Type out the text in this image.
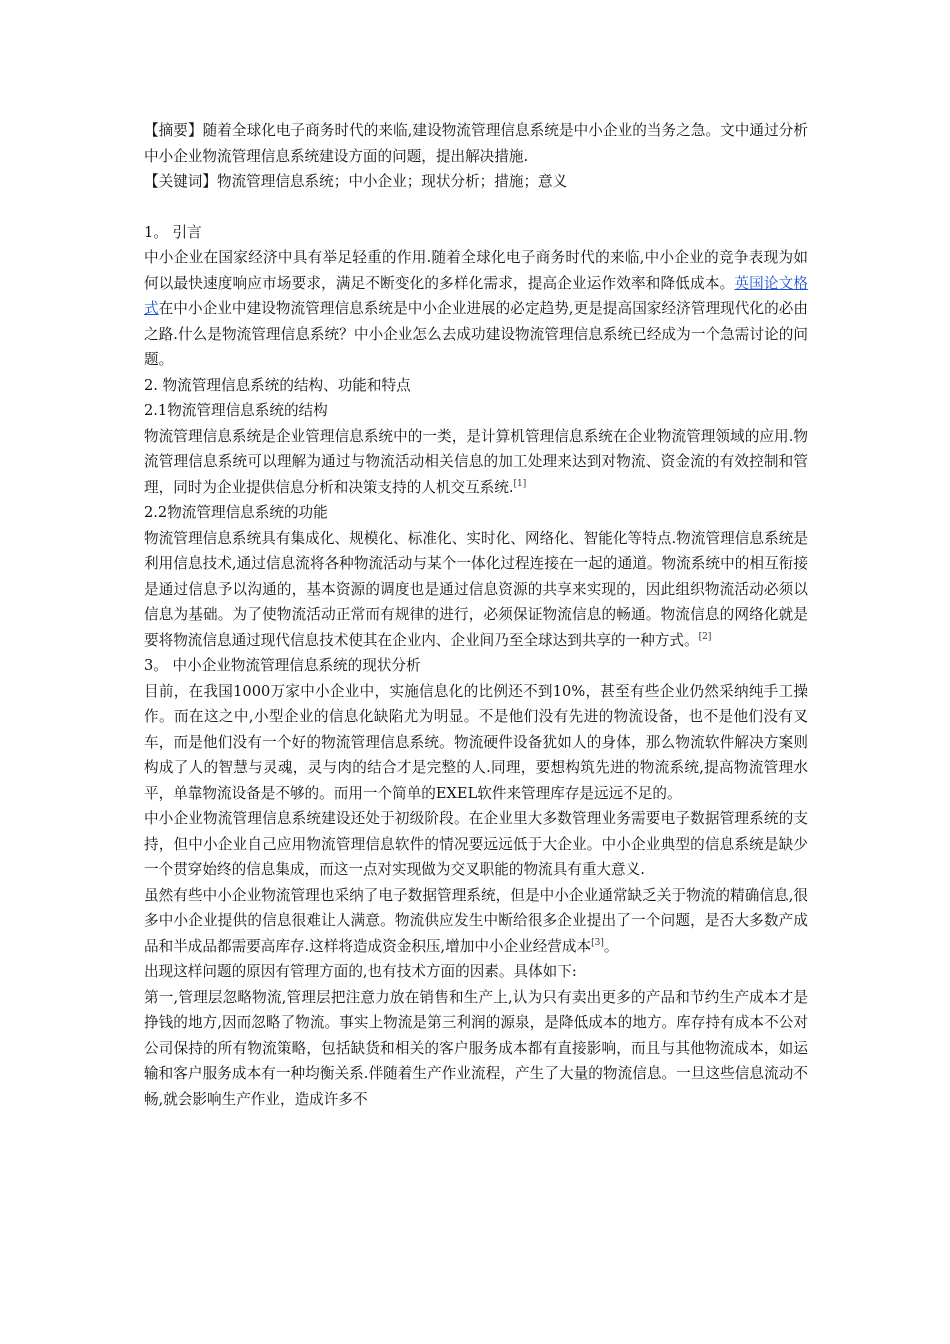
【摘要】随着全球化电子商务时代的来临,建设物流管理信息系统是中小企业的当务之急。文中通过分析中小企业物流管理信息系统建设方面的问题，提出解决措施.

【关键词】物流管理信息系统；中小企业；现状分析；措施；意义

1。 引言

中小企业在国家经济中具有举足轻重的作用.随着全球化电子商务时代的来临,中小企业的竞争表现为如何以最快速度响应市场要求，满足不断变化的多样化需求，提高企业运作效率和降低成本。英国论文格式在中小企业中建设物流管理信息系统是中小企业进展的必定趋势,更是提高国家经济管理现代化的必由之路.什么是物流管理信息系统？中小企业怎么去成功建设物流管理信息系统已经成为一个急需讨论的问题。

2. 物流管理信息系统的结构、功能和特点

2.1物流管理信息系统的结构

物流管理信息系统是企业管理信息系统中的一类，是计算机管理信息系统在企业物流管理领域的应用.物流管理信息系统可以理解为通过与物流活动相关信息的加工处理来达到对物流、资金流的有效控制和管理，同时为企业提供信息分析和决策支持的人机交互系统.[1]

2.2物流管理信息系统的功能

物流管理信息系统具有集成化、规模化、标准化、实时化、网络化、智能化等特点.物流管理信息系统是利用信息技术,通过信息流将各种物流活动与某个一体化过程连接在一起的通道。物流系统中的相互衔接是通过信息予以沟通的，基本资源的调度也是通过信息资源的共享来实现的，因此组织物流活动必须以信息为基础。为了使物流活动正常而有规律的进行，必须保证物流信息的畅通。物流信息的网络化就是要将物流信息通过现代信息技术使其在企业内、企业间乃至全球达到共享的一种方式。[2]

3。 中小企业物流管理信息系统的现状分析

目前，在我国1000万家中小企业中，实施信息化的比例还不到10%，甚至有些企业仍然采纳纯手工操作。而在这之中,小型企业的信息化缺陷尤为明显。不是他们没有先进的物流设备，也不是他们没有叉车，而是他们没有一个好的物流管理信息系统。物流硬件设备犹如人的身体，那么物流软件解决方案则构成了人的智慧与灵魂，灵与肉的结合才是完整的人.同理，要想构筑先进的物流系统,提高物流管理水平，单靠物流设备是不够的。而用一个简单的EXEL软件来管理库存是远远不足的。

中小企业物流管理信息系统建设还处于初级阶段。在企业里大多数管理业务需要电子数据管理系统的支持，但中小企业自己应用物流管理信息软件的情况要远远低于大企业。中小企业典型的信息系统是缺少一个贯穿始终的信息集成，而这一点对实现做为交叉职能的物流具有重大意义.

虽然有些中小企业物流管理也采纳了电子数据管理系统，但是中小企业通常缺乏关于物流的精确信息,很多中小企业提供的信息很难让人满意。物流供应发生中断给很多企业提出了一个问题，是否大多数产成品和半成品都需要高库存.这样将造成资金积压,增加中小企业经营成本[3]。

出现这样问题的原因有管理方面的,也有技术方面的因素。具体如下:

第一,管理层忽略物流,管理层把注意力放在销售和生产上,认为只有卖出更多的产品和节约生产成本才是挣钱的地方,因而忽略了物流。事实上物流是第三利润的源泉，是降低成本的地方。库存持有成本不公对公司保持的所有物流策略，包括缺货和相关的客户服务成本都有直接影响，而且与其他物流成本，如运输和客户服务成本有一种均衡关系.伴随着生产作业流程，产生了大量的物流信息。一旦这些信息流动不畅,就会影响生产作业，造成许多不
